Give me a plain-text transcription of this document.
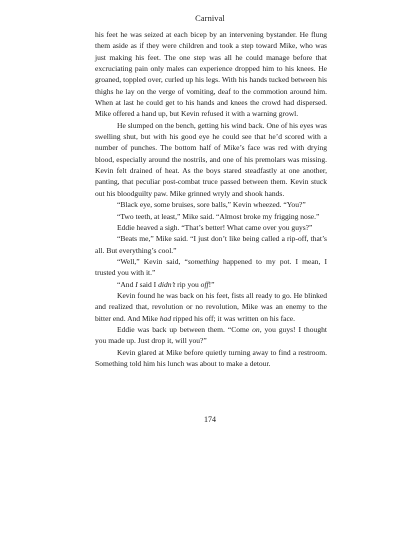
Carnival

his feet he was seized at each bicep by an intervening bystander. He flung them aside as if they were children and took a step toward Mike, who was just making his feet. The one step was all he could manage before that excruciating pain only males can experience dropped him to his knees. He groaned, toppled over, curled up his legs. With his hands tucked between his thighs he lay on the verge of vomiting, deaf to the commotion around him. When at last he could get to his hands and knees the crowd had dispersed. Mike offered a hand up, but Kevin refused it with a warning growl.

He slumped on the bench, getting his wind back. One of his eyes was swelling shut, but with his good eye he could see that he’d scored with a number of punches. The bottom half of Mike’s face was red with drying blood, especially around the nostrils, and one of his premolars was missing. Kevin felt drained of heat. As the boys stared steadfastly at one another, panting, that peculiar post-combat truce passed between them. Kevin stuck out his bloodguilty paw. Mike grinned wryly and shook hands.

“Black eye, some bruises, sore balls,” Kevin wheezed. “You?”

“Two teeth, at least,” Mike said. “Almost broke my frigging nose.”

Eddie heaved a sigh. “That’s better! What came over you guys?”

“Beats me,” Mike said. “I just don’t like being called a rip-off, that’s all. But everything’s cool.”

“Well,” Kevin said, “something happened to my pot. I mean, I trusted you with it.”

“And I said I didn’t rip you off!”

Kevin found he was back on his feet, fists all ready to go. He blinked and realized that, revolution or no revolution, Mike was an enemy to the bitter end. And Mike had ripped his off; it was written on his face.

Eddie was back up between them. “Come on, you guys! I thought you made up. Just drop it, will you?”

Kevin glared at Mike before quietly turning away to find a restroom. Something told him his lunch was about to make a detour.

174
